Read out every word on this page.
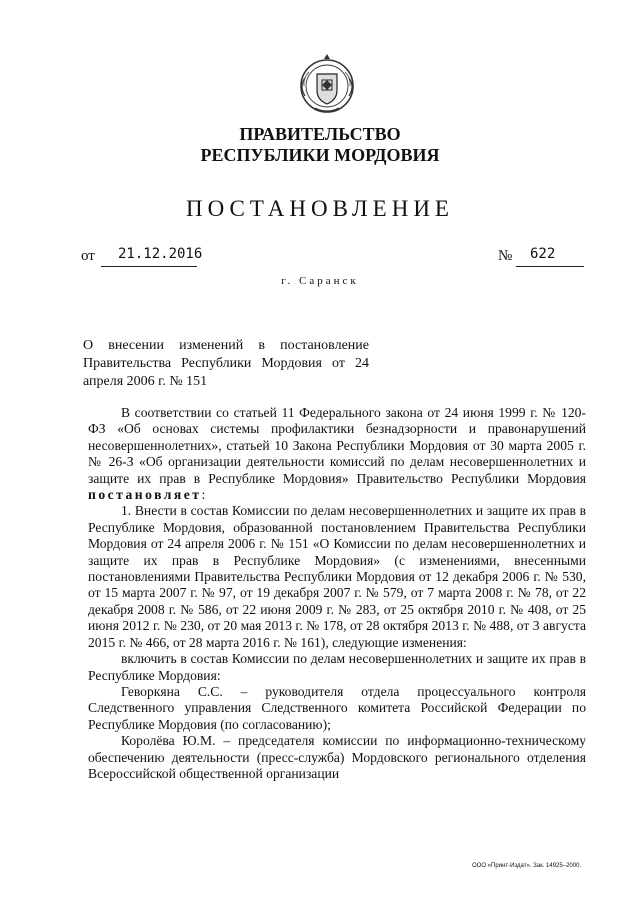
ПРАВИТЕЛЬСТВО
РЕСПУБЛИКИ МОРДОВИЯ
ПОСТАНОВЛЕНИЕ
от 21.12.2016	№ 622
г. Саранск
О внесении изменений в постановление Правительства Республики Мордовия от 24 апреля 2006 г. № 151

В соответствии со статьей 11 Федерального закона от 24 июня 1999 г. № 120-ФЗ «Об основах системы профилактики безнадзорности и правонарушений несовершеннолетних», статьей 10 Закона Республики Мордовия от 30 марта 2005 г. № 26-З «Об организации деятельности комиссий по делам несовершеннолетних и защите их прав в Республике Мордовия» Правительство Республики Мордовия постановляет:

1. Внести в состав Комиссии по делам несовершеннолетних и защите их прав в Республике Мордовия, образованной постановлением Правительства Республики Мордовия от 24 апреля 2006 г. № 151 «О Комиссии по делам несовершеннолетних и защите их прав в Республике Мордовия» (с изменениями, внесенными постановлениями Правительства Республики Мордовия от 12 декабря 2006 г. № 530, от 15 марта 2007 г. № 97, от 19 декабря 2007 г. № 579, от 7 марта 2008 г. № 78, от 22 декабря 2008 г. № 586, от 22 июня 2009 г. № 283, от 25 октября 2010 г. № 408, от 25 июня 2012 г. № 230, от 20 мая 2013 г. № 178, от 28 октября 2013 г. № 488, от 3 августа 2015 г. № 466, от 28 марта 2016 г. № 161), следующие изменения:

включить в состав Комиссии по делам несовершеннолетних и защите их прав в Республике Мордовия:

Геворкяна С.С. – руководителя отдела процессуального контроля Следственного управления Следственного комитета Российской Федерации по Республике Мордовия (по согласованию);

Королёва Ю.М. – председателя комиссии по информационно-техническому обеспечению деятельности (пресс-служба) Мордовского регионального отделения Всероссийской общественной организации

ООО «Принт-Издат». Зак. 14925–2000.
